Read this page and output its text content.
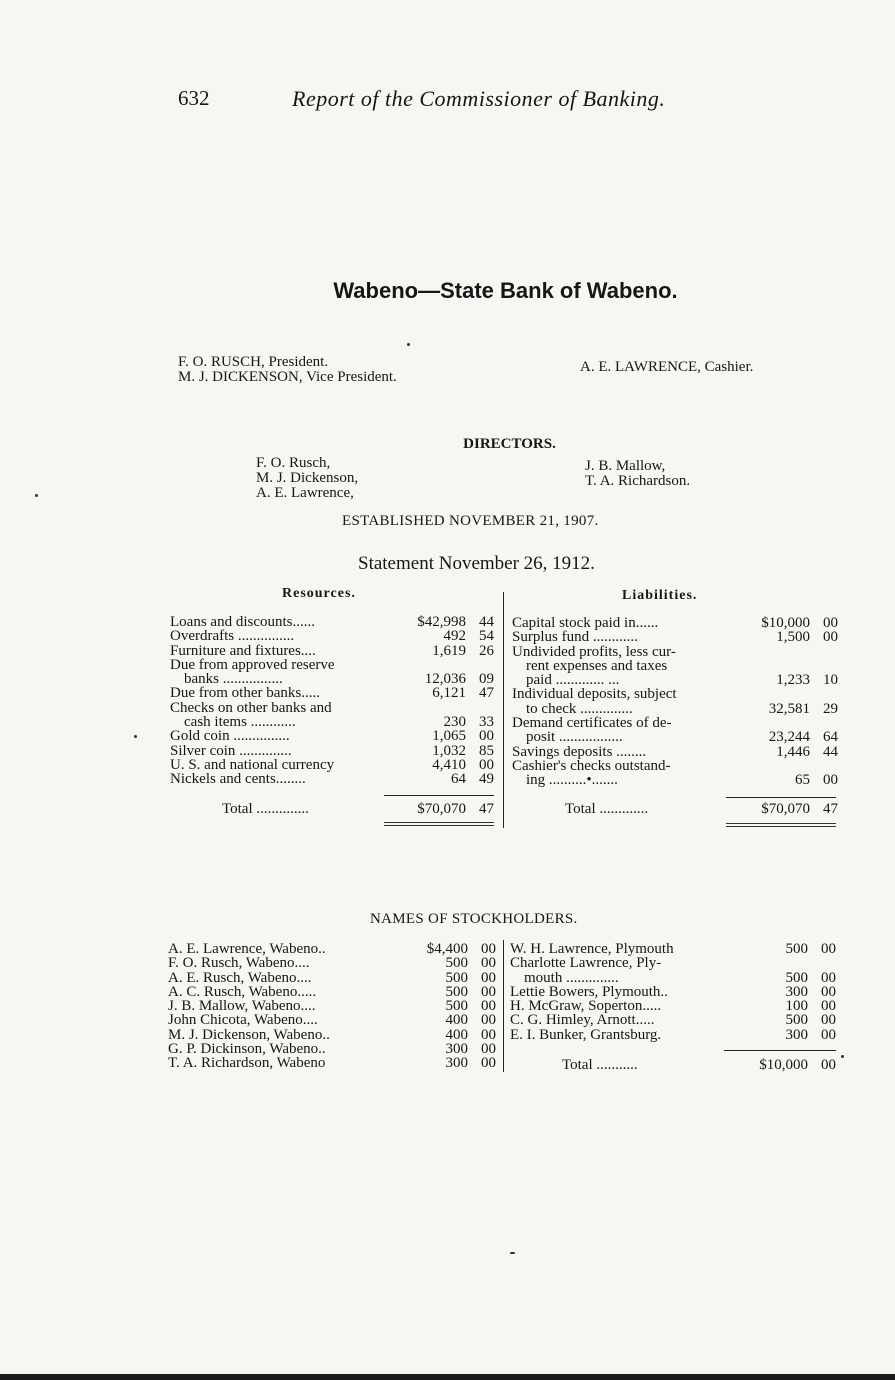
632	Report of the Commissioner of Banking.
Wabeno—State Bank of Wabeno.
F. O. RUSCH, President.
M. J. DICKENSON, Vice President.
A. E. LAWRENCE, Cashier.
DIRECTORS.
F. O. Rusch,
M. J. Dickenson,
A. E. Lawrence,
J. B. Mallow,
T. A. Richardson.
ESTABLISHED NOVEMBER 21, 1907.
Statement November 26, 1912.
Resources.	Liabilities.
Loans and discounts......	$42,998 44
Overdrafts ...............	492 54
Furniture and fixtures....	1,619 26
Due from approved reserve
banks ................	12,036 09
Due from other banks.....	6,121 47
Checks on other banks and
cash items ............	230 33
Gold coin ...............	1,065 00
Silver coin ..............	1,032 85
U. S. and national currency	4,410 00
Nickels and cents........	64 49
Total ..............	$70,070 47
Capital stock paid in......	$10,000 00
Surplus fund ............	1,500 00
Undivided profits, less cur-
rent expenses and taxes
paid ............. ...	1,233 10
Individual deposits, subject
to check ..............	32,581 29
Demand certificates of de-
posit .................	23,244 64
Savings deposits ........	1,446 44
Cashier's checks outstand-
ing ..........•.......	65 00
Total .............	$70,070 47
NAMES OF STOCKHOLDERS.
A. E. Lawrence, Wabeno..	$4,400 00
F. O. Rusch, Wabeno....	500 00
A. E. Rusch, Wabeno....	500 00
A. C. Rusch, Wabeno.....	500 00
J. B. Mallow, Wabeno....	500 00
John Chicota, Wabeno....	400 00
M. J. Dickenson, Wabeno..	400 00
G. P. Dickinson, Wabeno..	300 00
T. A. Richardson, Wabeno	300 00
W. H. Lawrence, Plymouth	500 00
Charlotte Lawrence, Ply-
mouth ..............	500 00
Lettie Bowers, Plymouth..	300 00
H. McGraw, Soperton.....	100 00
C. G. Himley, Arnott.....	500 00
E. I. Bunker, Grantsburg.	300 00
Total ...........	$10,000 00
